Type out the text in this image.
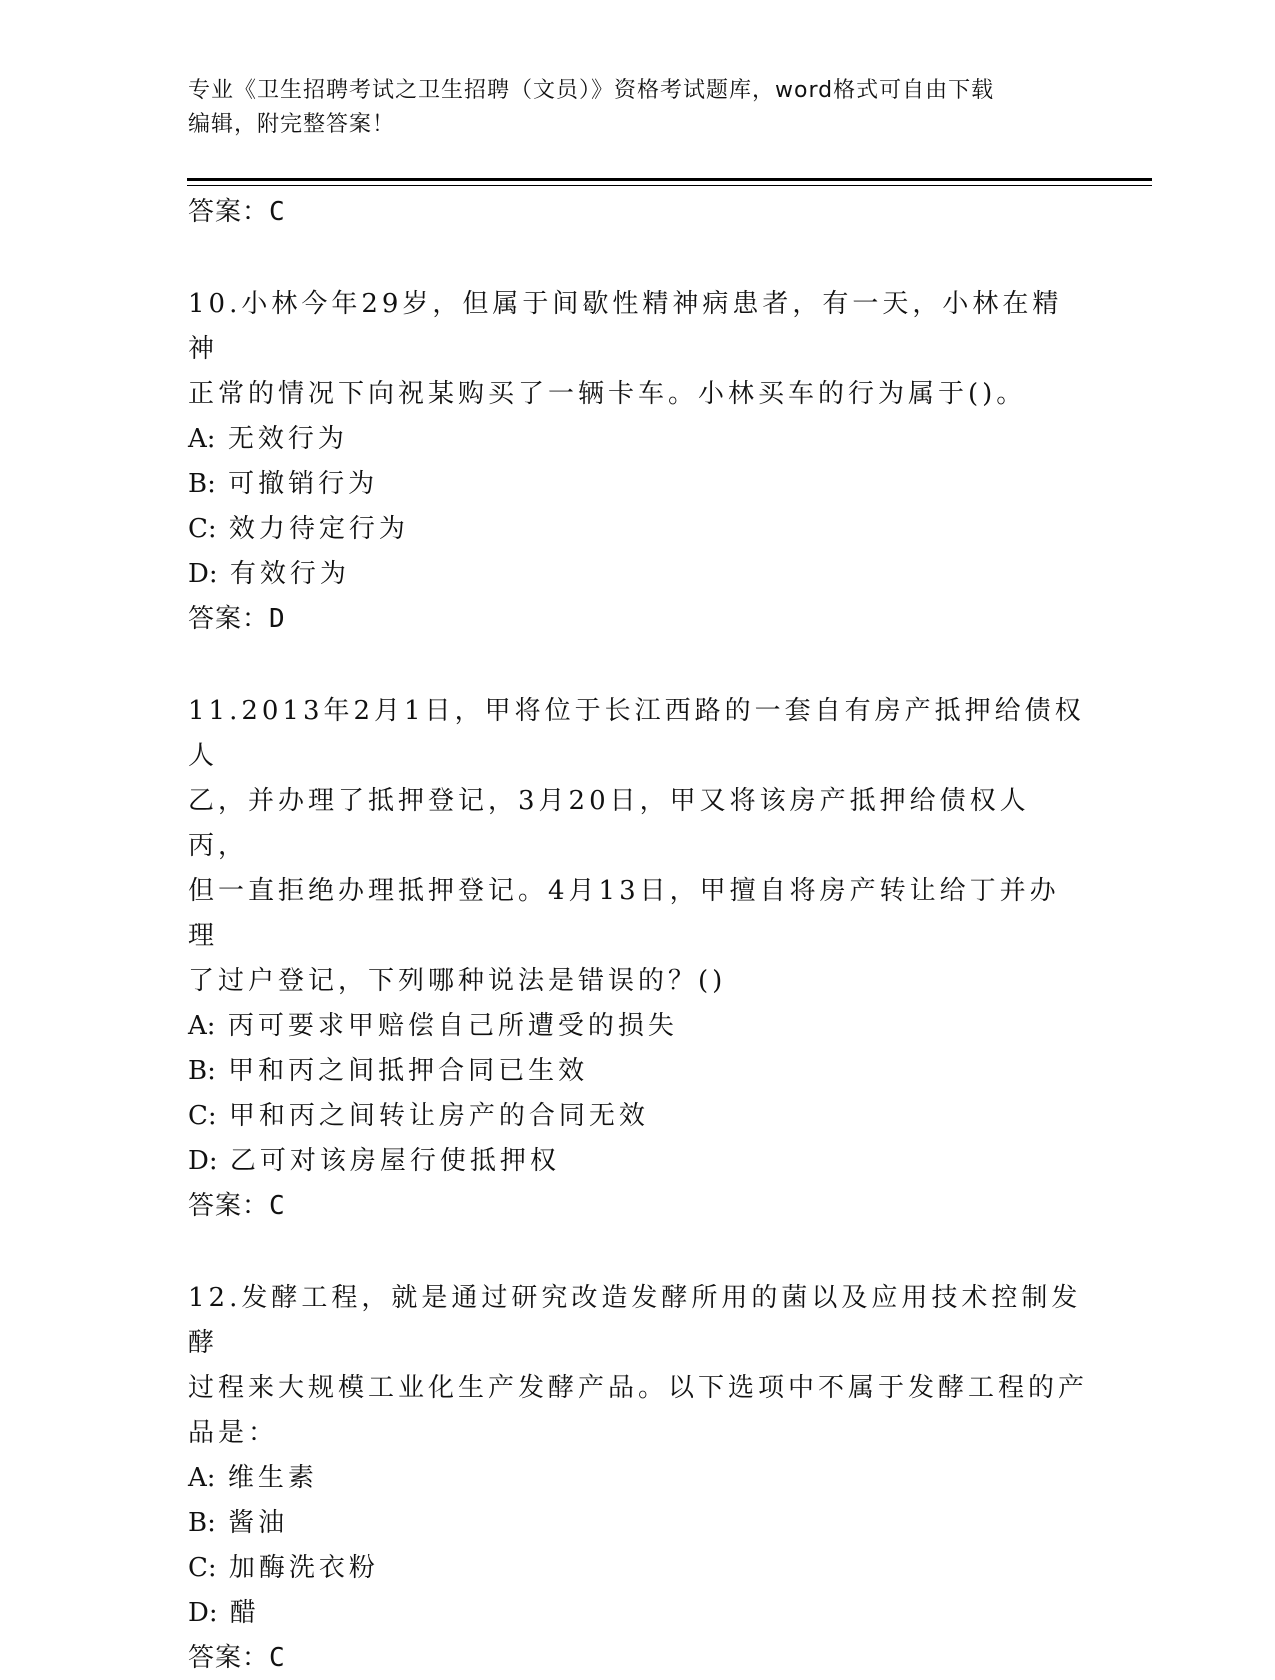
专业《卫生招聘考试之卫生招聘（文员）》资格考试题库，word格式可自由下载
编辑，附完整答案！
答案：C
10.小林今年29岁，但属于间歇性精神病患者，有一天，小林在精神
正常的情况下向祝某购买了一辆卡车。小林买车的行为属于()。
A: 无效行为
B: 可撤销行为
C: 效力待定行为
D: 有效行为
答案：D
11.2013年2月1日，甲将位于长江西路的一套自有房产抵押给债权人
乙，并办理了抵押登记，3月20日，甲又将该房产抵押给债权人丙，
但一直拒绝办理抵押登记。4月13日，甲擅自将房产转让给丁并办理
了过户登记，下列哪种说法是错误的？()
A: 丙可要求甲赔偿自己所遭受的损失
B: 甲和丙之间抵押合同已生效
C: 甲和丙之间转让房产的合同无效
D: 乙可对该房屋行使抵押权
答案：C
12.发酵工程，就是通过研究改造发酵所用的菌以及应用技术控制发酵
过程来大规模工业化生产发酵产品。以下选项中不属于发酵工程的产
品是：
A: 维生素
B: 酱油
C: 加酶洗衣粉
D: 醋
答案：C
